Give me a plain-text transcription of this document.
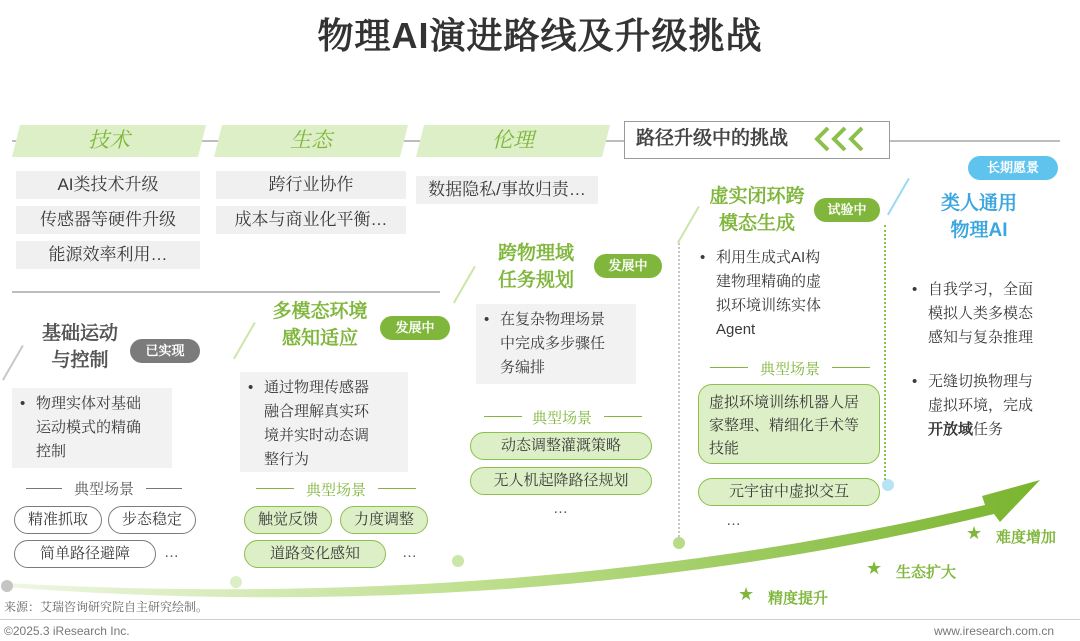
物理AI演进路线及升级挑战
技术	生态	伦理	路径升级中的挑战
AI类技术升级
传感器等硬件升级
能源效率利用…
跨行业协作
成本与商业化平衡…
数据隐私/事故归责…
基础运动
与控制	已实现
• 物理实体对基础
运动模式的精确
控制
典型场景
精准抓取	步态稳定
简单路径避障	…
多模态环境
感知适应
发展中
• 通过物理传感器
融合理解真实环
境并实时动态调
整行为
典型场景
触觉反馈	力度调整
道路变化感知	…
跨物理域
任务规划
发展中
• 在复杂物理场景
中完成多步骤任
务编排
典型场景
动态调整灌溉策略
无人机起降路径规划
…
虚实闭环跨
模态生成
试验中
• 利用生成式AI构
建物理精确的虚
拟环境训练实体
Agent
典型场景
虚拟环境训练机器人居家整理、精细化手术等技能
元宇宙中虚拟交互
…
长期愿景
类人通用
物理AI
• 自我学习，全面
模拟人类多模态
感知与复杂推理
• 无缝切换物理与
虚拟环境，完成
开放域任务
★ 精度提升
★ 生态扩大
★ 难度增加
来源：艾瑞咨询研究院自主研究绘制。
©2025.3 iResearch Inc.	www.iresearch.com.cn
